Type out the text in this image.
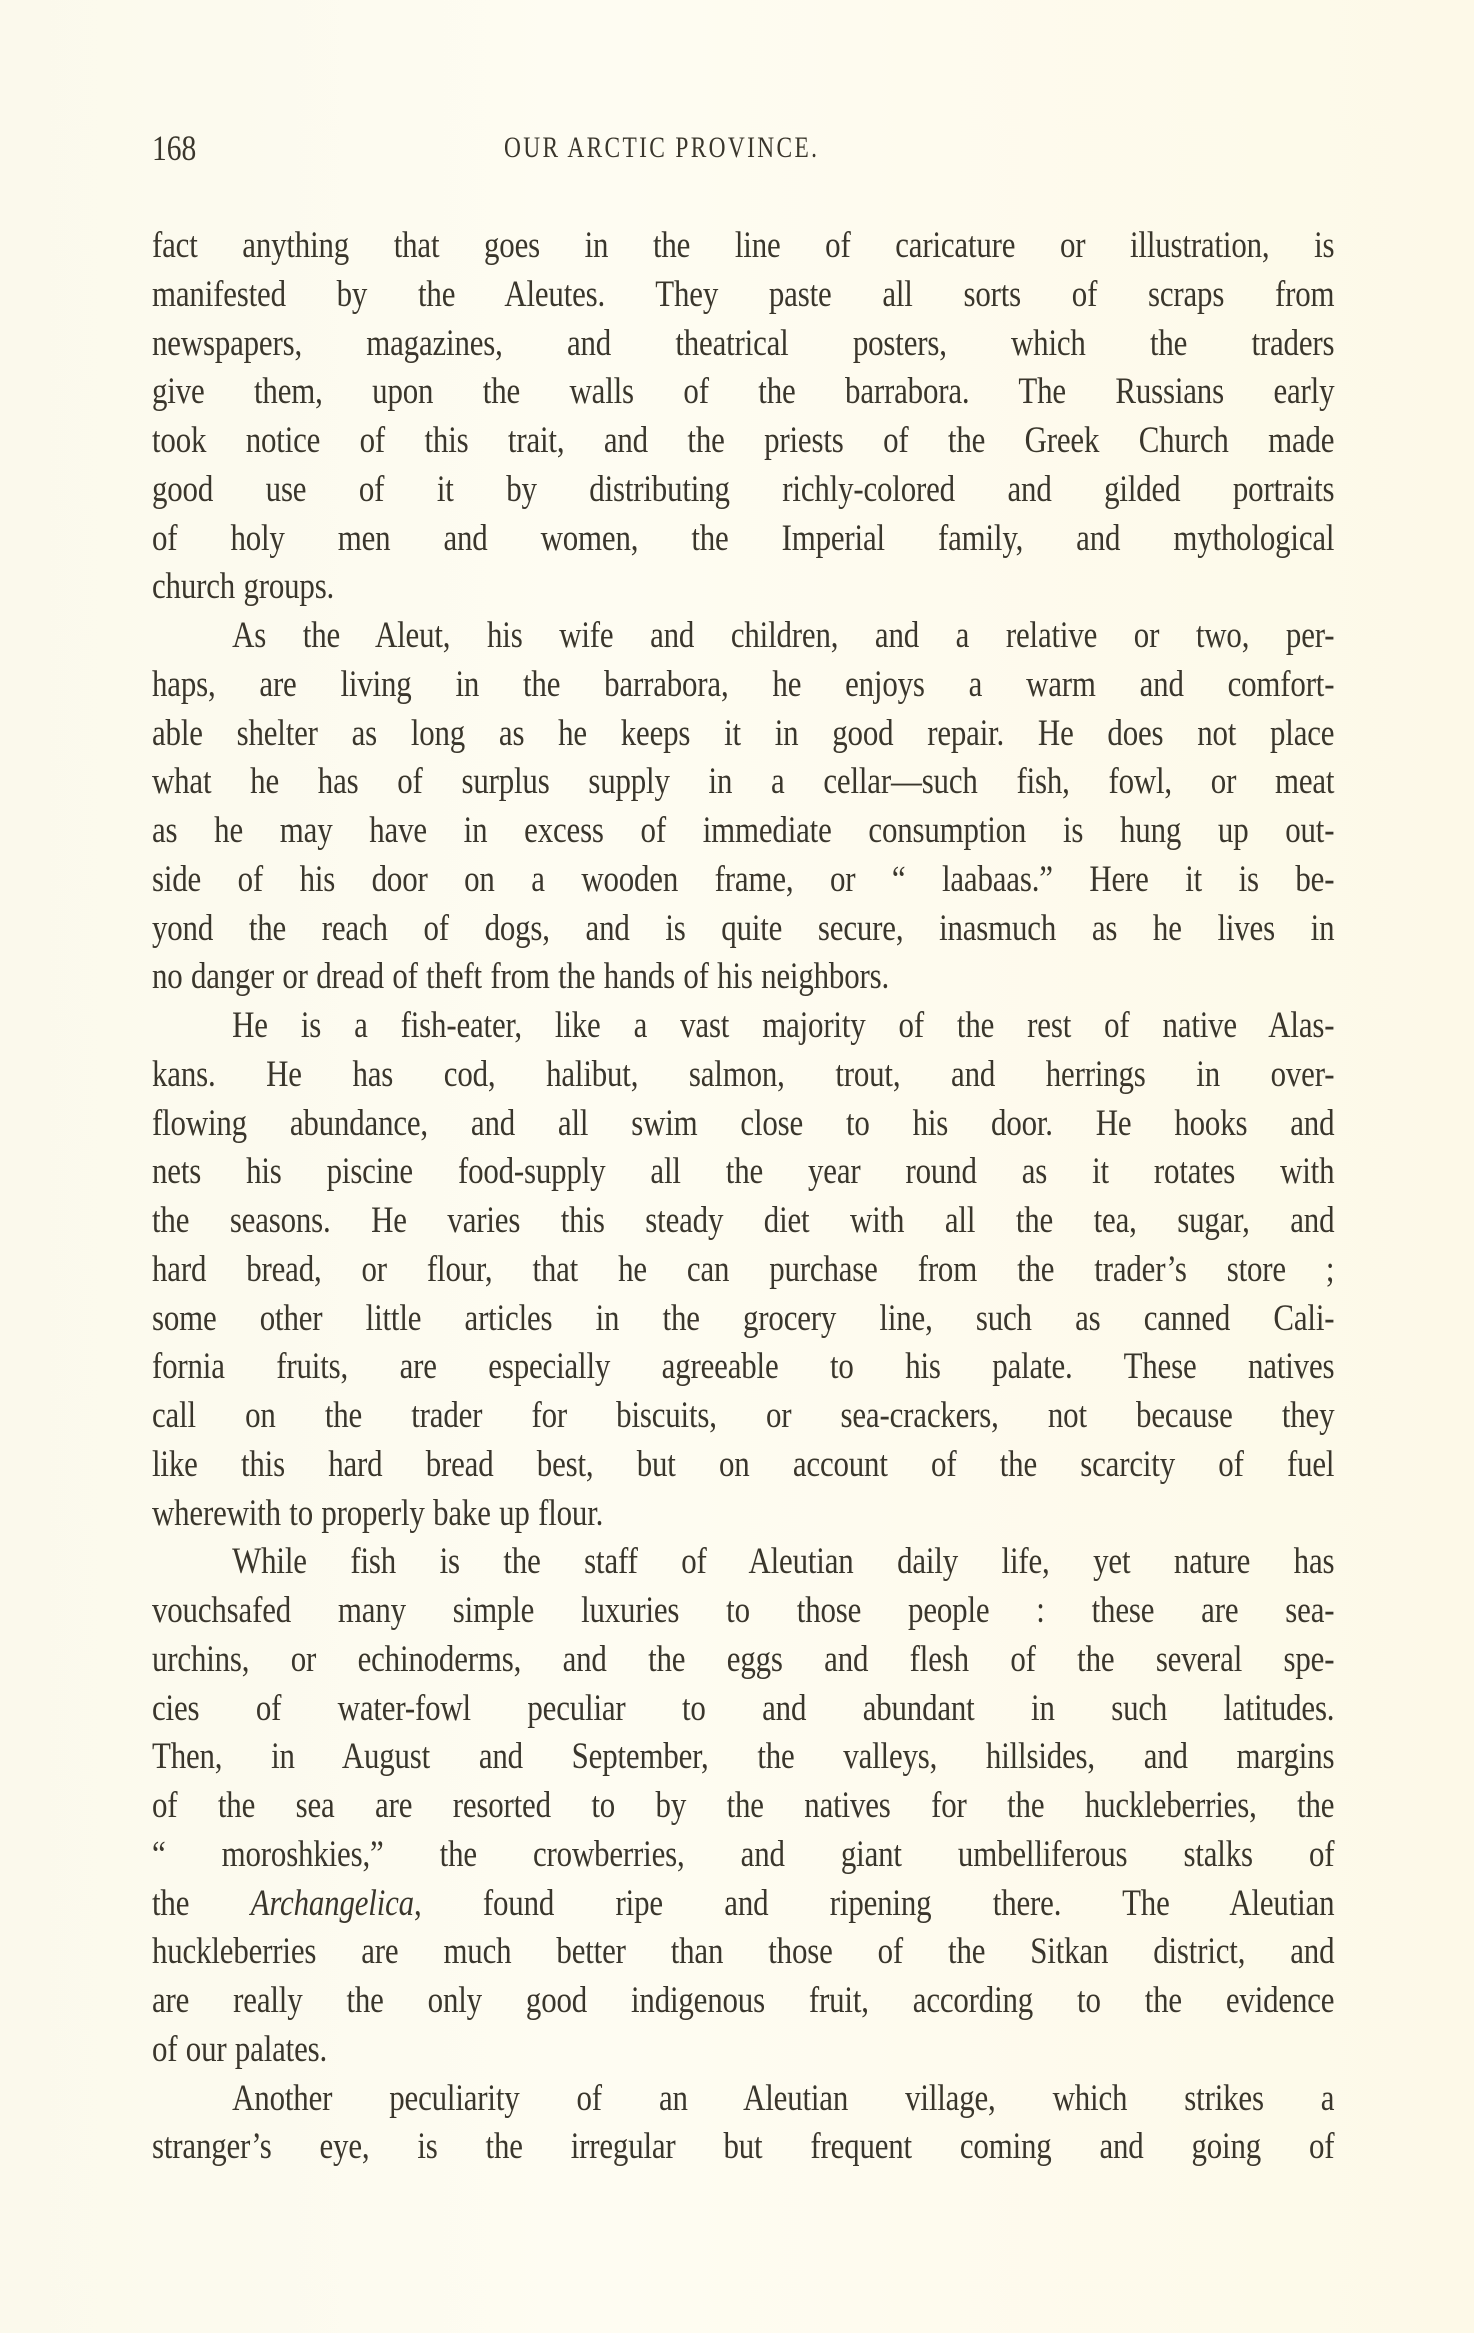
168	OUR ARCTIC PROVINCE.
fact anything that goes in the line of caricature or illustration, is
manifested by the Aleutes. They paste all sorts of scraps from
newspapers, magazines, and theatrical posters, which the traders
give them, upon the walls of the barrabora. The Russians early
took notice of this trait, and the priests of the Greek Church made
good use of it by distributing richly-colored and gilded portraits
of holy men and women, the Imperial family, and mythological
church groups.
As the Aleut, his wife and children, and a relative or two, per-
haps, are living in the barrabora, he enjoys a warm and comfort-
able shelter as long as he keeps it in good repair. He does not place
what he has of surplus supply in a cellar—such fish, fowl, or meat
as he may have in excess of immediate consumption is hung up out-
side of his door on a wooden frame, or “ laabaas.” Here it is be-
yond the reach of dogs, and is quite secure, inasmuch as he lives in
no danger or dread of theft from the hands of his neighbors.
He is a fish-eater, like a vast majority of the rest of native Alas-
kans. He has cod, halibut, salmon, trout, and herrings in over-
flowing abundance, and all swim close to his door. He hooks and
nets his piscine food-supply all the year round as it rotates with
the seasons. He varies this steady diet with all the tea, sugar, and
hard bread, or flour, that he can purchase from the trader’s store ;
some other little articles in the grocery line, such as canned Cali-
fornia fruits, are especially agreeable to his palate. These natives
call on the trader for biscuits, or sea-crackers, not because they
like this hard bread best, but on account of the scarcity of fuel
wherewith to properly bake up flour.
While fish is the staff of Aleutian daily life, yet nature has
vouchsafed many simple luxuries to those people : these are sea-
urchins, or echinoderms, and the eggs and flesh of the several spe-
cies of water-fowl peculiar to and abundant in such latitudes.
Then, in August and September, the valleys, hillsides, and margins
of the sea are resorted to by the natives for the huckleberries, the
“ moroshkies,” the crowberries, and giant umbelliferous stalks of
the Archangelica, found ripe and ripening there. The Aleutian
huckleberries are much better than those of the Sitkan district, and
are really the only good indigenous fruit, according to the evidence
of our palates.
Another peculiarity of an Aleutian village, which strikes a
stranger’s eye, is the irregular but frequent coming and going of
